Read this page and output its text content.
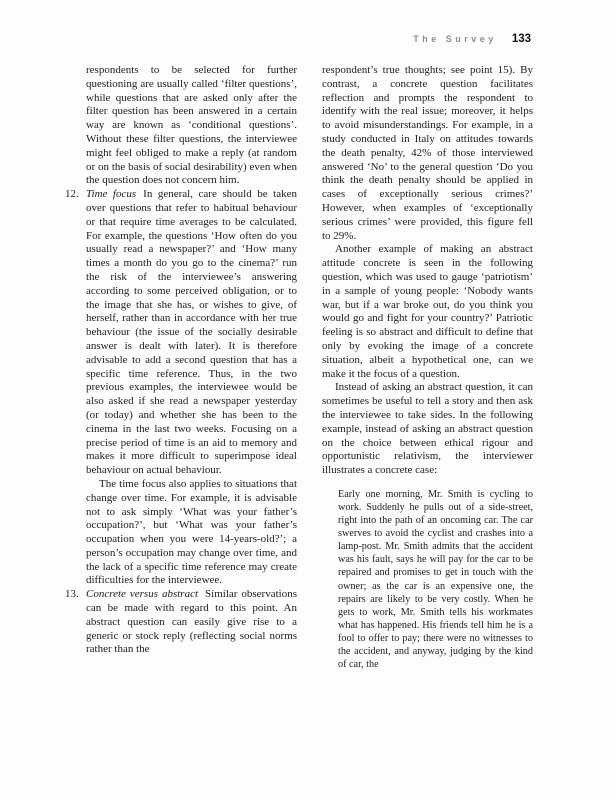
The Survey 133

respondents to be selected for further questioning are usually called ‘filter questions’, while questions that are asked only after the filter question has been answered in a certain way are known as ‘conditional questions’. Without these filter questions, the interviewee might feel obliged to make a reply (at random or on the basis of social desirability) even when the question does not concern him.

12. Time focus In general, care should be taken over questions that refer to habitual behaviour or that require time averages to be calculated. For example, the questions ‘How often do you usually read a newspaper?’ and ‘How many times a month do you go to the cinema?’ run the risk of the interviewee’s answering according to some perceived obligation, or to the image that she has, or wishes to give, of herself, rather than in accordance with her true behaviour (the issue of the socially desirable answer is dealt with later). It is therefore advisable to add a second question that has a specific time reference. Thus, in the two previous examples, the interviewee would be also asked if she read a newspaper yesterday (or today) and whether she has been to the cinema in the last two weeks. Focusing on a precise period of time is an aid to memory and makes it more difficult to superimpose ideal behaviour on actual behaviour.

The time focus also applies to situations that change over time. For example, it is advisable not to ask simply ‘What was your father’s occupation?’, but ‘What was your father’s occupation when you were 14-years-old?’; a person’s occupation may change over time, and the lack of a specific time reference may create difficulties for the interviewee.

13. Concrete versus abstract Similar observations can be made with regard to this point. An abstract question can easily give rise to a generic or stock reply (reflecting social norms rather than the

respondent’s true thoughts; see point 15). By contrast, a concrete question facilitates reflection and prompts the respondent to identify with the real issue; moreover, it helps to avoid misunderstandings. For example, in a study conducted in Italy on attitudes towards the death penalty, 42% of those interviewed answered ‘No’ to the general question ‘Do you think the death penalty should be applied in cases of exceptionally serious crimes?’ However, when examples of ‘exceptionally serious crimes’ were provided, this figure fell to 29%.

Another example of making an abstract attitude concrete is seen in the following question, which was used to gauge ‘patriotism’ in a sample of young people: ‘Nobody wants war, but if a war broke out, do you think you would go and fight for your country?’ Patriotic feeling is so abstract and difficult to define that only by evoking the image of a concrete situation, albeit a hypothetical one, can we make it the focus of a question.

Instead of asking an abstract question, it can sometimes be useful to tell a story and then ask the interviewee to take sides. In the following example, instead of asking an abstract question on the choice between ethical rigour and opportunistic relativism, the interviewer illustrates a concrete case:

Early one morning, Mr. Smith is cycling to work. Suddenly he pulls out of a side-street, right into the path of an oncoming car. The car swerves to avoid the cyclist and crashes into a lamp-post. Mr. Smith admits that the accident was his fault, says he will pay for the car to be repaired and promises to get in touch with the owner; as the car is an expensive one, the repairs are likely to be very costly. When he gets to work, Mr. Smith tells his workmates what has happened. His friends tell him he is a fool to offer to pay; there were no witnesses to the accident, and anyway, judging by the kind of car, the
